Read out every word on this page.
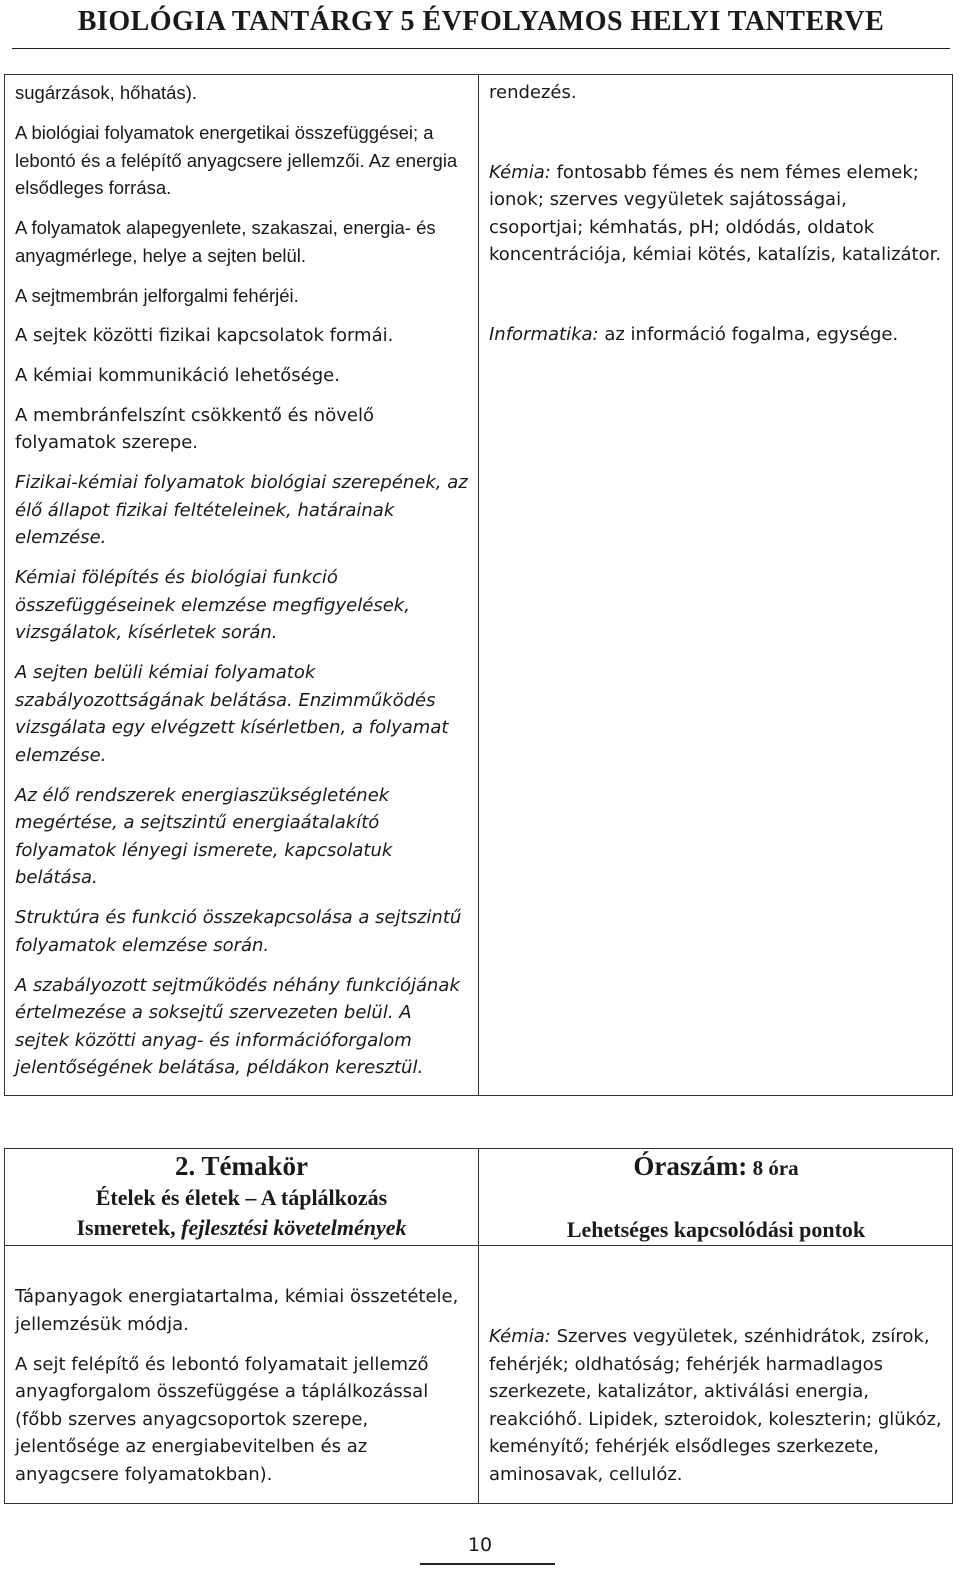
BIOLÓGIA TANTÁRGY 5 ÉVFOLYAMOS HELYI TANTERVE

sugárzások, hőhatás).

A biológiai folyamatok energetikai összefüggései; a lebontó és a felépítő anyagcsere jellemzői. Az energia elsődleges forrása.

A folyamatok alapegyenlete, szakaszai, energia- és anyagmérlege, helye a sejten belül.

A sejtmembrán jelforgalmi fehérjéi.

A sejtek közötti fizikai kapcsolatok formái.

A kémiai kommunikáció lehetősége.

A membránfelszínt csökkentő és növelő folyamatok szerepe.

Fizikai-kémiai folyamatok biológiai szerepének, az élő állapot fizikai feltételeinek, határainak elemzése.

Kémiai fölépítés és biológiai funkció összefüggéseinek elemzése megfigyelések, vizsgálatok, kísérletek során.

A sejten belüli kémiai folyamatok szabályozottságának belátása. Enzimműködés vizsgálata egy elvégzett kísérletben, a folyamat elemzése.

Az élő rendszerek energiaszükségletének megértése, a sejtszintű energiaátalakító folyamatok lényegi ismerete, kapcsolatuk belátása.

Struktúra és funkció összekapcsolása a sejtszintű folyamatok elemzése során.

A szabályozott sejtműködés néhány funkciójának értelmezése a soksejtű szervezeten belül. A sejtek közötti anyag- és információforgalom jelentőségének belátása, példákon keresztül.

rendezés.

Kémia: fontosabb fémes és nem fémes elemek; ionok; szerves vegyületek sajátosságai, csoportjai; kémhatás, pH; oldódás, oldatok koncentrációja, kémiai kötés, katalízis, katalizátor.

Informatika: az információ fogalma, egysége.

2. Témakör
Ételek és életek – A táplálkozás
Ismeretek, fejlesztési követelmények
Óraszám: 8 óra
Lehetséges kapcsolódási pontok

Tápanyagok energiatartalma, kémiai összetétele, jellemzésük módja.

A sejt felépítő és lebontó folyamatait jellemző anyagforgalom összefüggése a táplálkozással (főbb szerves anyagcsoportok szerepe, jelentősége az energiabevitelben és az anyagcsere folyamatokban).

Kémia: Szerves vegyületek, szénhidrátok, zsírok, fehérjék; oldhatóság; fehérjék harmadlagos szerkezete, katalizátor, aktiválási energia, reakcióhő. Lipidek, szteroidok, koleszterin; glükóz, keményítő; fehérjék elsődleges szerkezete, aminosavak, cellulóz.

10
